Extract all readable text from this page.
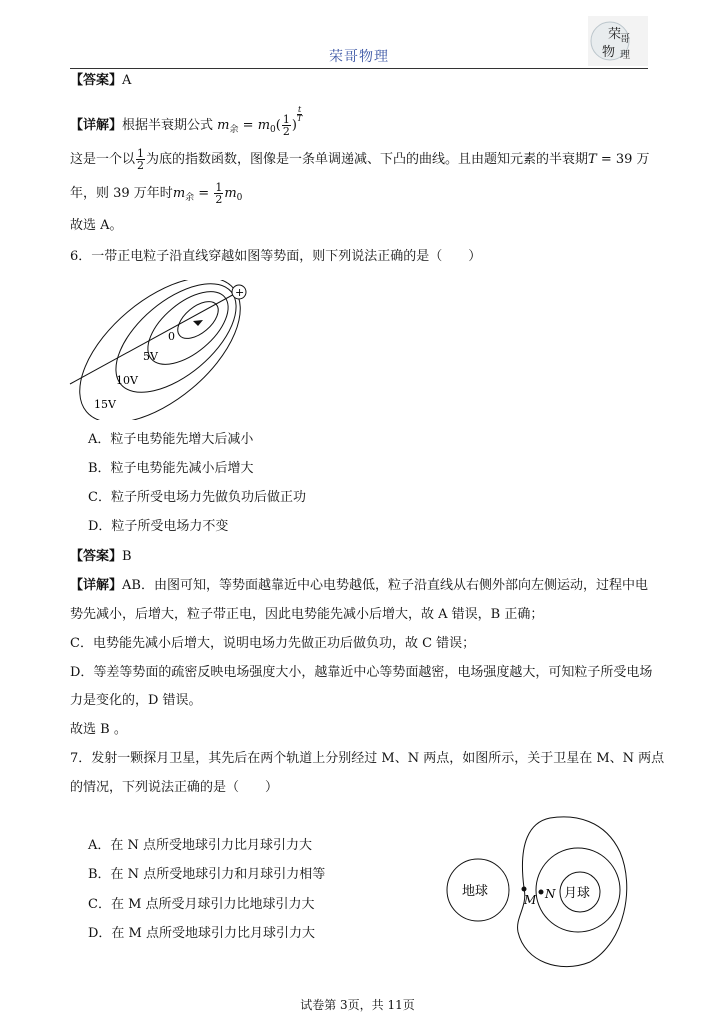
荣哥物理
荣
哥
物 理
【答案】A
【详解】根据半衰期公式 $m_余 = m_0( \frac{1}{2}$ )
$\frac{t}{T}$
这是一个以 $\frac{1}{2}$ 为底的指数函数，图像是一条单调递减、下凸的曲线。且由题知元素的半衰期T = 39 万
年，则 39 万年时$m_余 = \frac{1}{2} m_0$
故选 A。
6．一带正电粒子沿直线穿越如图等势面，则下列说法正确的是（　　）
+
0
5V
10V
15V
A．粒子电势能先增大后减小
B．粒子电势能先减小后增大
C．粒子所受电场力先做负功后做正功
D．粒子所受电场力不变
【答案】B
【详解】AB．由图可知，等势面越靠近中心电势越低，粒子沿直线从右侧外部向左侧运动，过程中电
势先减小，后增大，粒子带正电，因此电势能先减小后增大，故 A 错误，B 正确；
C．电势能先减小后增大，说明电场力先做正功后做负功，故 C 错误；
D．等差等势面的疏密反映电场强度大小，越靠近中心等势面越密，电场强度越大，可知粒子所受电场
力是变化的，D 错误。
故选 B 。
7．发射一颗探月卫星，其先后在两个轨道上分别经过 M、N 两点，如图所示，关于卫星在 M、N 两点
的情况，下列说法正确的是（　　）
A．在 N 点所受地球引力比月球引力大
B．在 N 点所受地球引力和月球引力相等
C．在 M 点所受月球引力比地球引力大
D．在 M 点所受地球引力比月球引力大
地球	月球
M N
试卷第 3页，共 11页
